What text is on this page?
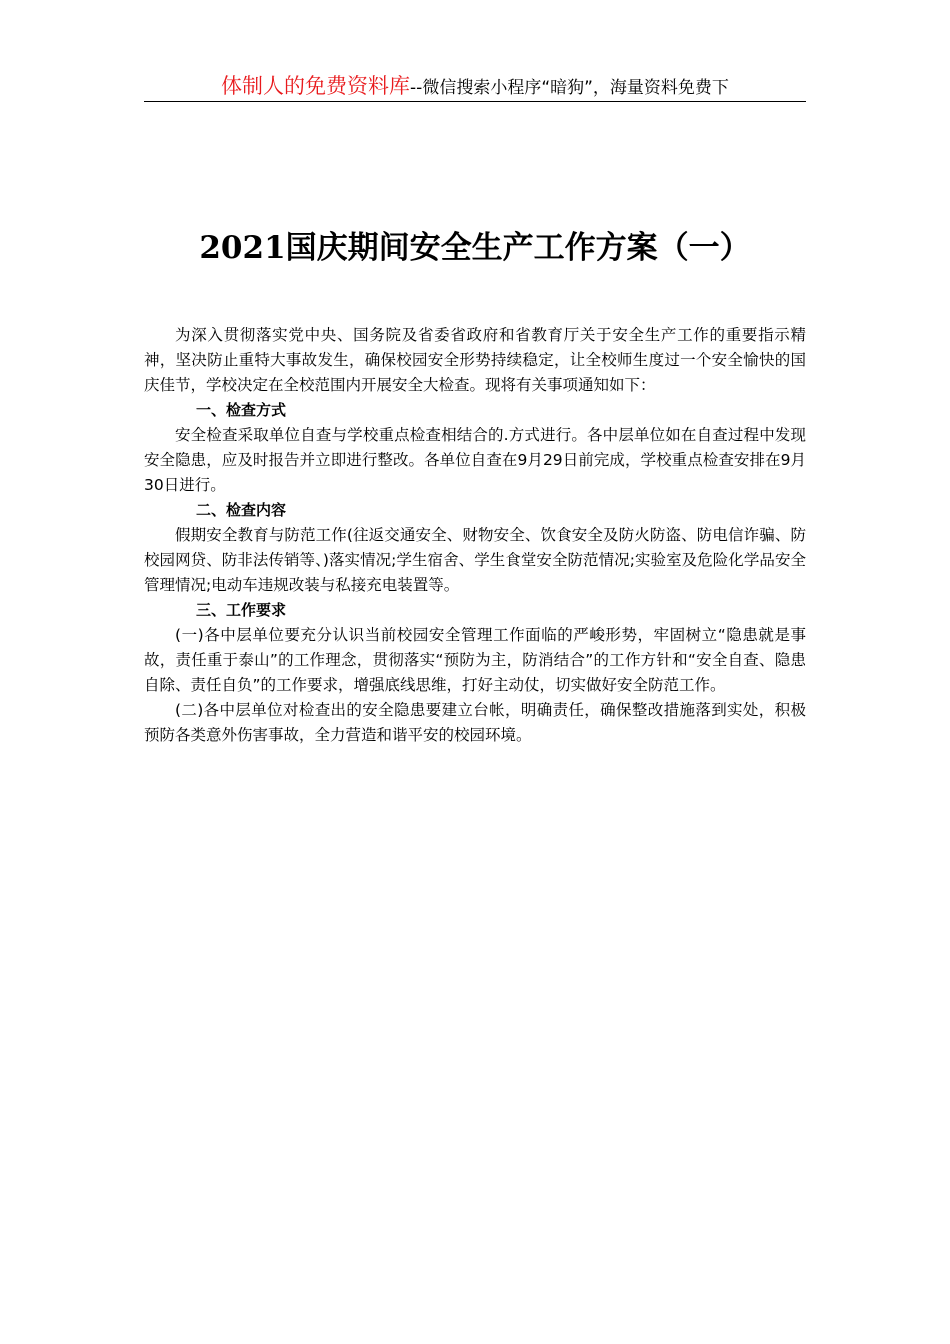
体制人的免费资料库--微信搜索小程序“暗狗”，海量资料免费下
2021国庆期间安全生产工作方案（一）

为深入贯彻落实党中央、国务院及省委省政府和省教育厅关于安全生产工作的重要指示精神，坚决防止重特大事故发生，确保校园安全形势持续稳定，让全校师生度过一个安全愉快的国庆佳节，学校决定在全校范围内开展安全大检查。现将有关事项通知如下：

一、检查方式

安全检查采取单位自查与学校重点检查相结合的.方式进行。各中层单位如在自查过程中发现安全隐患，应及时报告并立即进行整改。各单位自查在9月29日前完成，学校重点检查安排在9月30日进行。

二、检查内容

假期安全教育与防范工作(往返交通安全、财物安全、饮食安全及防火防盗、防电信诈骗、防校园网贷、防非法传销等、)落实情况;学生宿舍、学生食堂安全防范情况;实验室及危险化学品安全管理情况;电动车违规改装与私接充电装置等。

三、工作要求

(一)各中层单位要充分认识当前校园安全管理工作面临的严峻形势，牢固树立“隐患就是事故，责任重于泰山”的工作理念，贯彻落实“预防为主，防消结合”的工作方针和“安全自查、隐患自除、责任自负”的工作要求，增强底线思维，打好主动仗，切实做好安全防范工作。

(二)各中层单位对检查出的安全隐患要建立台帐，明确责任，确保整改措施落到实处，积极预防各类意外伤害事故，全力营造和谐平安的校园环境。
